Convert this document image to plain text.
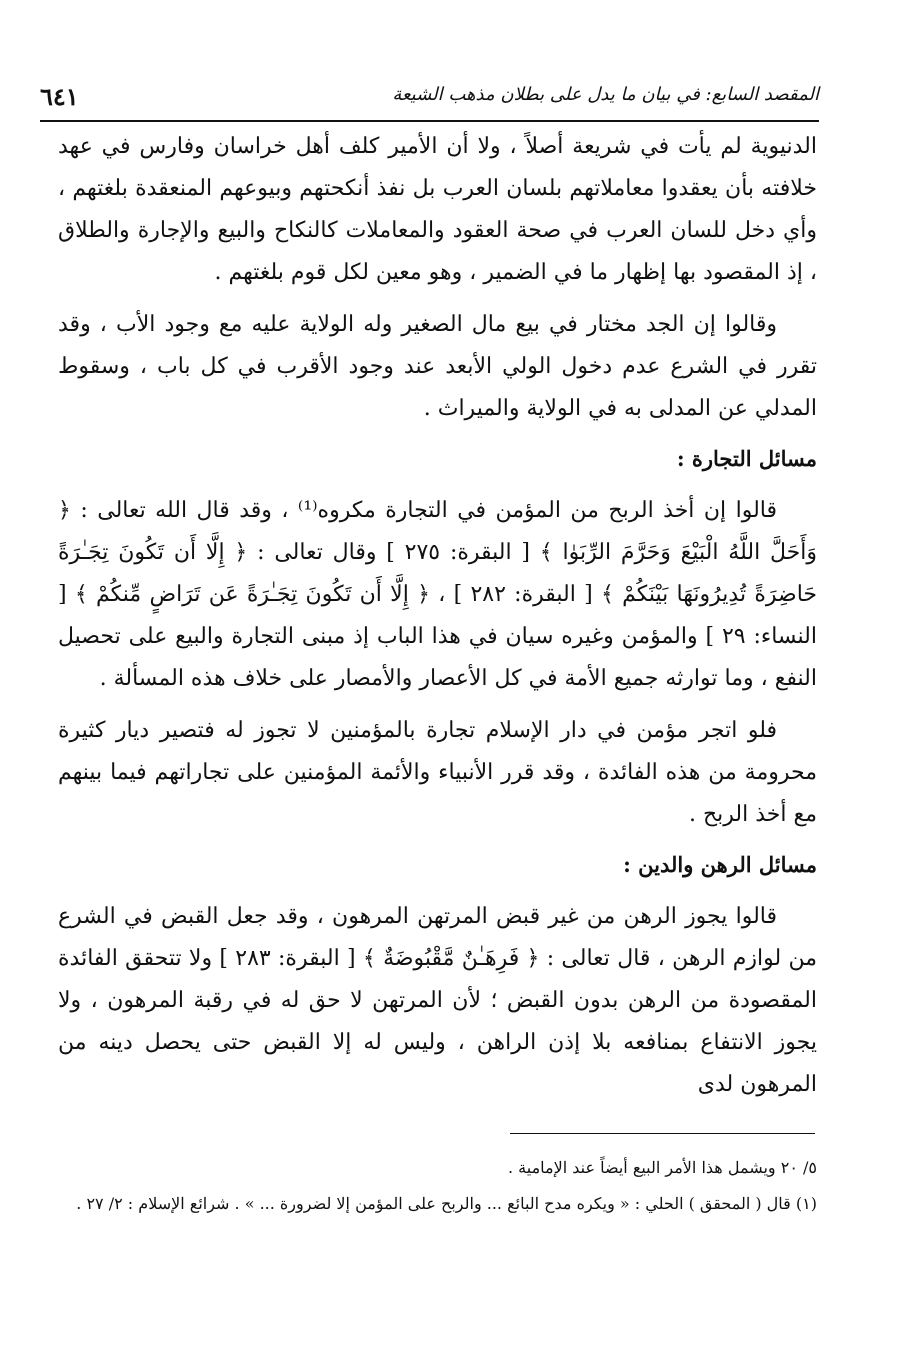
المقصد السابع: في بيان ما يدل على بطلان مذهب الشيعة
٦٤١

الدنيوية لم يأت في شريعة أصلاً ، ولا أن الأمير كلف أهل خراسان وفارس في عهد خلافته بأن يعقدوا معاملاتهم بلسان العرب بل نفذ أنكحتهم وبيوعهم المنعقدة بلغتهم ، وأي دخل للسان العرب في صحة العقود والمعاملات كالنكاح والبيع والإجارة والطلاق ، إذ المقصود بها إظهار ما في الضمير ، وهو معين لكل قوم بلغتهم .

وقالوا إن الجد مختار في بيع مال الصغير وله الولاية عليه مع وجود الأب ، وقد تقرر في الشرع عدم دخول الولي الأبعد عند وجود الأقرب في كل باب ، وسقوط المدلي عن المدلى به في الولاية والميراث .

مسائل التجارة :

قالوا إن أخذ الربح من المؤمن في التجارة مكروه⁽¹⁾ ، وقد قال الله تعالى : ﴿ وَأَحَلَّ اللَّهُ الْبَيْعَ وَحَرَّمَ الرِّبَوٰا ﴾ [ البقرة: ٢٧٥ ] وقال تعالى : ﴿ إِلَّا أَن تَكُونَ تِجَـٰرَةً حَاضِرَةً تُدِيرُونَهَا بَيْنَكُمْ ﴾ [ البقرة: ٢٨٢ ] ، ﴿ إِلَّا أَن تَكُونَ تِجَـٰرَةً عَن تَرَاضٍ مِّنكُمْ ﴾ [ النساء: ٢٩ ] والمؤمن وغيره سيان في هذا الباب إذ مبنى التجارة والبيع على تحصيل النفع ، وما توارثه جميع الأمة في كل الأعصار والأمصار على خلاف هذه المسألة .

فلو اتجر مؤمن في دار الإسلام تجارة بالمؤمنين لا تجوز له فتصير ديار كثيرة محرومة من هذه الفائدة ، وقد قرر الأنبياء والأئمة المؤمنين على تجاراتهم فيما بينهم مع أخذ الربح .

مسائل الرهن والدين :

قالوا يجوز الرهن من غير قبض المرتهن المرهون ، وقد جعل القبض في الشرع من لوازم الرهن ، قال تعالى : ﴿ فَرِهَـٰنٌ مَّقْبُوضَةٌ ﴾ [ البقرة: ٢٨٣ ] ولا تتحقق الفائدة المقصودة من الرهن بدون القبض ؛ لأن المرتهن لا حق له في رقبة المرهون ، ولا يجوز الانتفاع بمنافعه بلا إذن الراهن ، وليس له إلا القبض حتى يحصل دينه من المرهون لدى

٥/ ٢٠ ويشمل هذا الأمر البيع أيضاً عند الإمامية .

(١) قال ( المحقق ) الحلي : « ويكره مدح البائع ... والربح على المؤمن إلا لضرورة ... » . شرائع الإسلام : ٢/ ٢٧ .
